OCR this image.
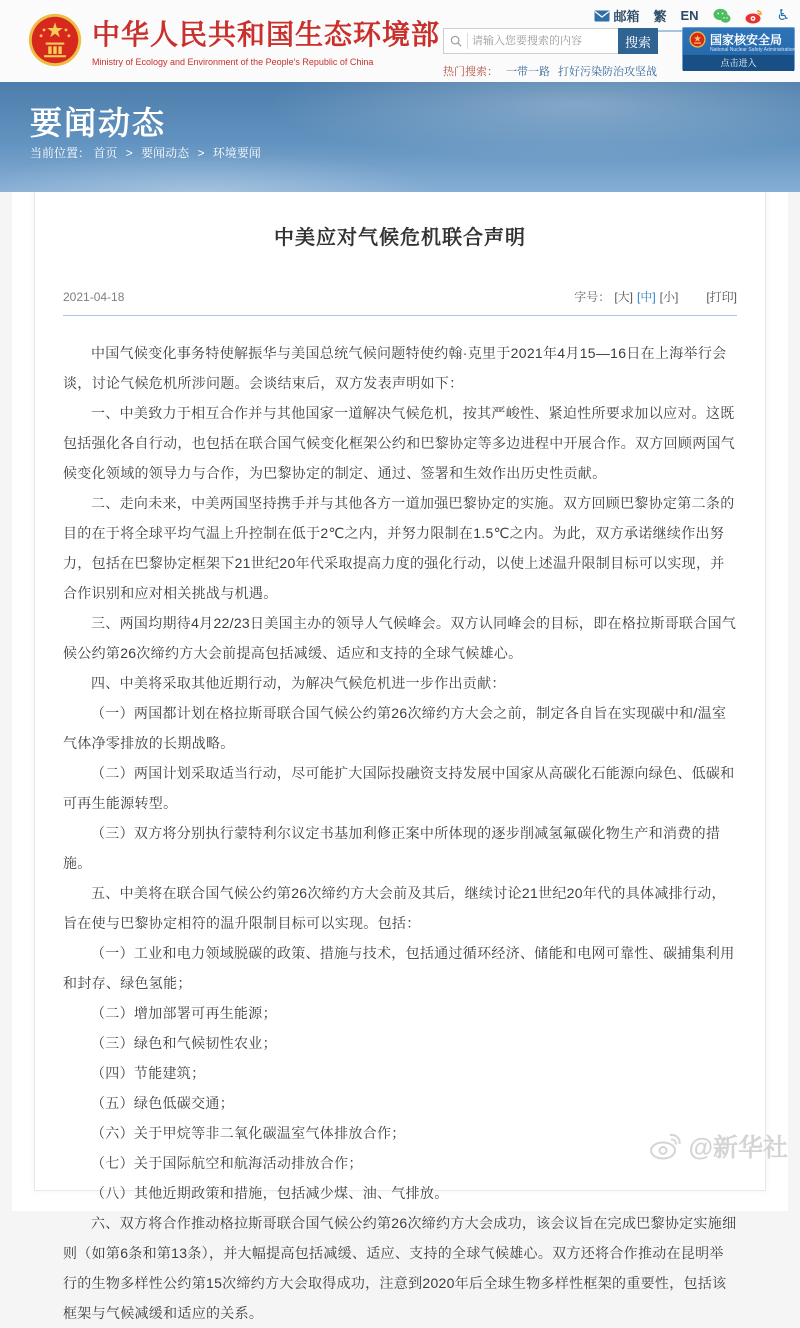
邮箱 繁 EN	♿
中华人民共和国生态环境部
Ministry of Ecology and Environment of the People's Republic of China
请输入您要搜索的内容
搜索
热门搜索： 一带一路 打好污染防治攻坚战
国家核安全局
National Nuclear Safety Administration
点击进入
要闻动态
当前位置： 首页 > 要闻动态 > 环境要闻
中美应对气候危机联合声明
2021-04-18	字号： [大] [中] [小] [打印]

中国气候变化事务特使解振华与美国总统气候问题特使约翰·克里于2021年4月15—16日在上海举行会谈，讨论气候危机所涉问题。会谈结束后，双方发表声明如下：

一、中美致力于相互合作并与其他国家一道解决气候危机，按其严峻性、紧迫性所要求加以应对。这既包括强化各自行动，也包括在联合国气候变化框架公约和巴黎协定等多边进程中开展合作。双方回顾两国气候变化领域的领导力与合作，为巴黎协定的制定、通过、签署和生效作出历史性贡献。

二、走向未来，中美两国坚持携手并与其他各方一道加强巴黎协定的实施。双方回顾巴黎协定第二条的目的在于将全球平均气温上升控制在低于2℃之内，并努力限制在1.5℃之内。为此，双方承诺继续作出努力，包括在巴黎协定框架下21世纪20年代采取提高力度的强化行动，以使上述温升限制目标可以实现，并合作识别和应对相关挑战与机遇。

三、两国均期待4月22/23日美国主办的领导人气候峰会。双方认同峰会的目标，即在格拉斯哥联合国气候公约第26次缔约方大会前提高包括减缓、适应和支持的全球气候雄心。

四、中美将采取其他近期行动，为解决气候危机进一步作出贡献：

（一）两国都计划在格拉斯哥联合国气候公约第26次缔约方大会之前，制定各自旨在实现碳中和/温室气体净零排放的长期战略。

（二）两国计划采取适当行动，尽可能扩大国际投融资支持发展中国家从高碳化石能源向绿色、低碳和可再生能源转型。

（三）双方将分别执行蒙特利尔议定书基加利修正案中所体现的逐步削减氢氟碳化物生产和消费的措施。

五、中美将在联合国气候公约第26次缔约方大会前及其后，继续讨论21世纪20年代的具体减排行动，旨在使与巴黎协定相符的温升限制目标可以实现。包括：

（一）工业和电力领域脱碳的政策、措施与技术，包括通过循环经济、储能和电网可靠性、碳捕集利用和封存、绿色氢能；

（二）增加部署可再生能源；

（三）绿色和气候韧性农业；

（四）节能建筑；

（五）绿色低碳交通；

（六）关于甲烷等非二氧化碳温室气体排放合作；

（七）关于国际航空和航海活动排放合作；

（八）其他近期政策和措施，包括减少煤、油、气排放。

六、双方将合作推动格拉斯哥联合国气候公约第26次缔约方大会成功，该会议旨在完成巴黎协定实施细则（如第6条和第13条），并大幅提高包括减缓、适应、支持的全球气候雄心。双方还将合作推动在昆明举行的生物多样性公约第15次缔约方大会取得成功，注意到2020年后全球生物多样性框架的重要性，包括该框架与气候减缓和适应的关系。

@新华社
